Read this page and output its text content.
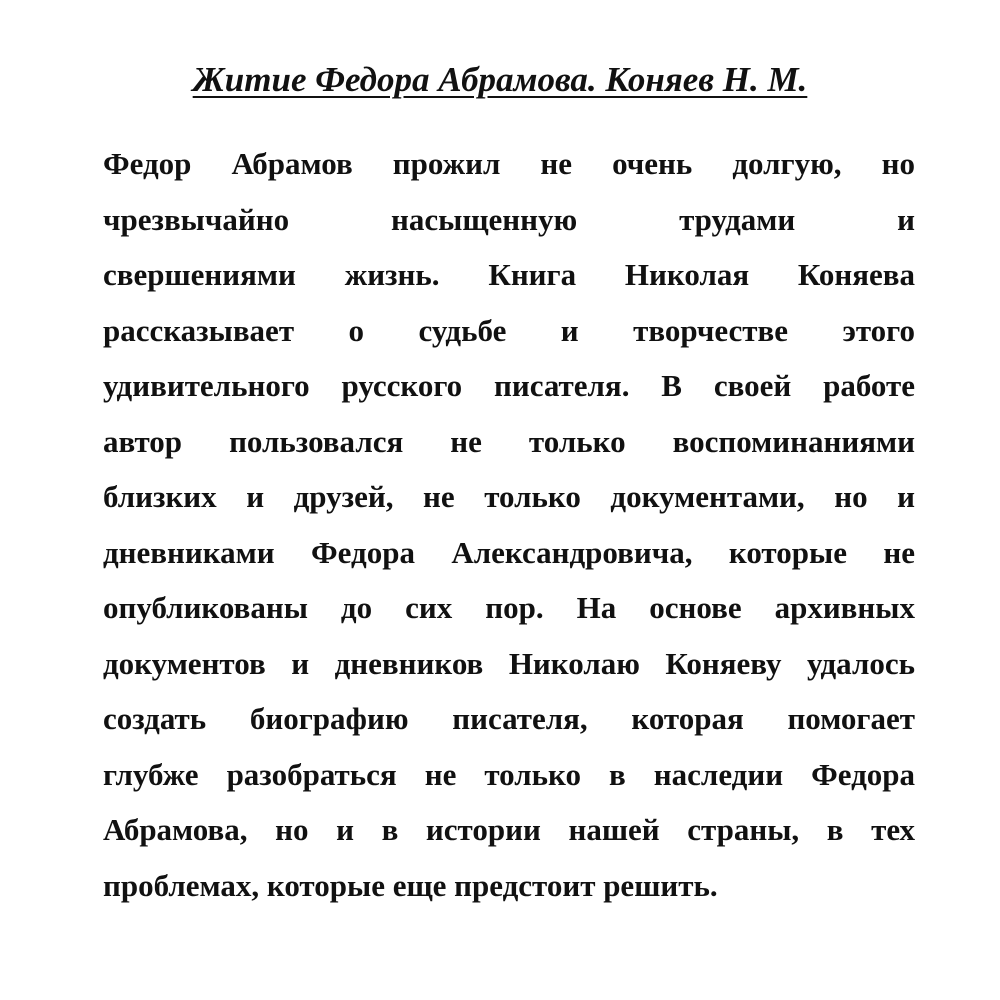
Житие Федора Абрамова. Коняев Н. М.
Федор Абрамов прожил не очень долгую, но
чрезвычайно насыщенную трудами и
свершениями жизнь. Книга Николая Коняева
рассказывает о судьбе и творчестве этого
удивительного русского писателя. В своей работе
автор пользовался не только воспоминаниями
близких и друзей, не только документами, но и
дневниками Федора Александровича, которые не
опубликованы до сих пор. На основе архивных
документов и дневников Николаю Коняеву удалось
создать биографию писателя, которая помогает
глубже разобраться не только в наследии Федора
Абрамова, но и в истории нашей страны, в тех
проблемах, которые еще предстоит решить.
